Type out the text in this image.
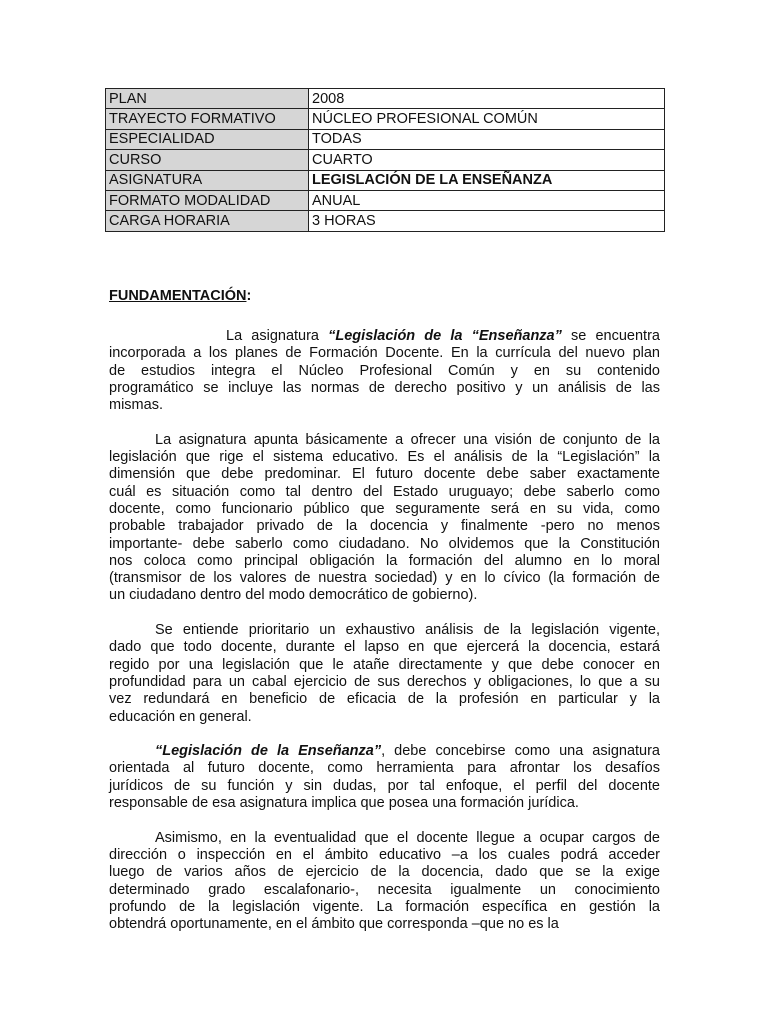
PLAN	2008
TRAYECTO FORMATIVO	NÚCLEO PROFESIONAL COMÚN
ESPECIALIDAD	TODAS
CURSO	CUARTO
ASIGNATURA	LEGISLACIÓN DE LA ENSEÑANZA
FORMATO MODALIDAD	ANUAL
CARGA HORARIA	3 HORAS
FUNDAMENTACIÓN:
La asignatura “Legislación de la “Enseñanza” se encuentra
incorporada a los planes de Formación Docente. En la currícula del nuevo plan
de estudios integra el Núcleo Profesional Común y en su contenido
programático se incluye las normas de derecho positivo y un análisis de las
mismas.
La asignatura apunta básicamente a ofrecer una visión de conjunto de la
legislación que rige el sistema educativo. Es el análisis de la “Legislación” la
dimensión que debe predominar. El futuro docente debe saber exactamente
cuál es situación como tal dentro del Estado uruguayo; debe saberlo como
docente, como funcionario público que seguramente será en su vida, como
probable trabajador privado de la docencia y finalmente -pero no menos
importante- debe saberlo como ciudadano. No olvidemos que la Constitución
nos coloca como principal obligación la formación del alumno en lo moral
(transmisor de los valores de nuestra sociedad) y en lo cívico (la formación de
un ciudadano dentro del modo democrático de gobierno).
Se entiende prioritario un exhaustivo análisis de la legislación vigente,
dado que todo docente, durante el lapso en que ejercerá la docencia, estará
regido por una legislación que le atañe directamente y que debe conocer en
profundidad para un cabal ejercicio de sus derechos y obligaciones, lo que a su
vez redundará en beneficio de eficacia de la profesión en particular y la
educación en general.
“Legislación de la Enseñanza”, debe concebirse como una asignatura
orientada al futuro docente, como herramienta para afrontar los desafíos
jurídicos de su función y sin dudas, por tal enfoque, el perfil del docente
responsable de esa asignatura implica que posea una formación jurídica.
Asimismo, en la eventualidad que el docente llegue a ocupar cargos de
dirección o inspección en el ámbito educativo –a los cuales podrá acceder
luego de varios años de ejercicio de la docencia, dado que se la exige
determinado grado escalafonario-, necesita igualmente un conocimiento
profundo de la legislación vigente. La formación específica en gestión la
obtendrá oportunamente, en el ámbito que corresponda –que no es la
